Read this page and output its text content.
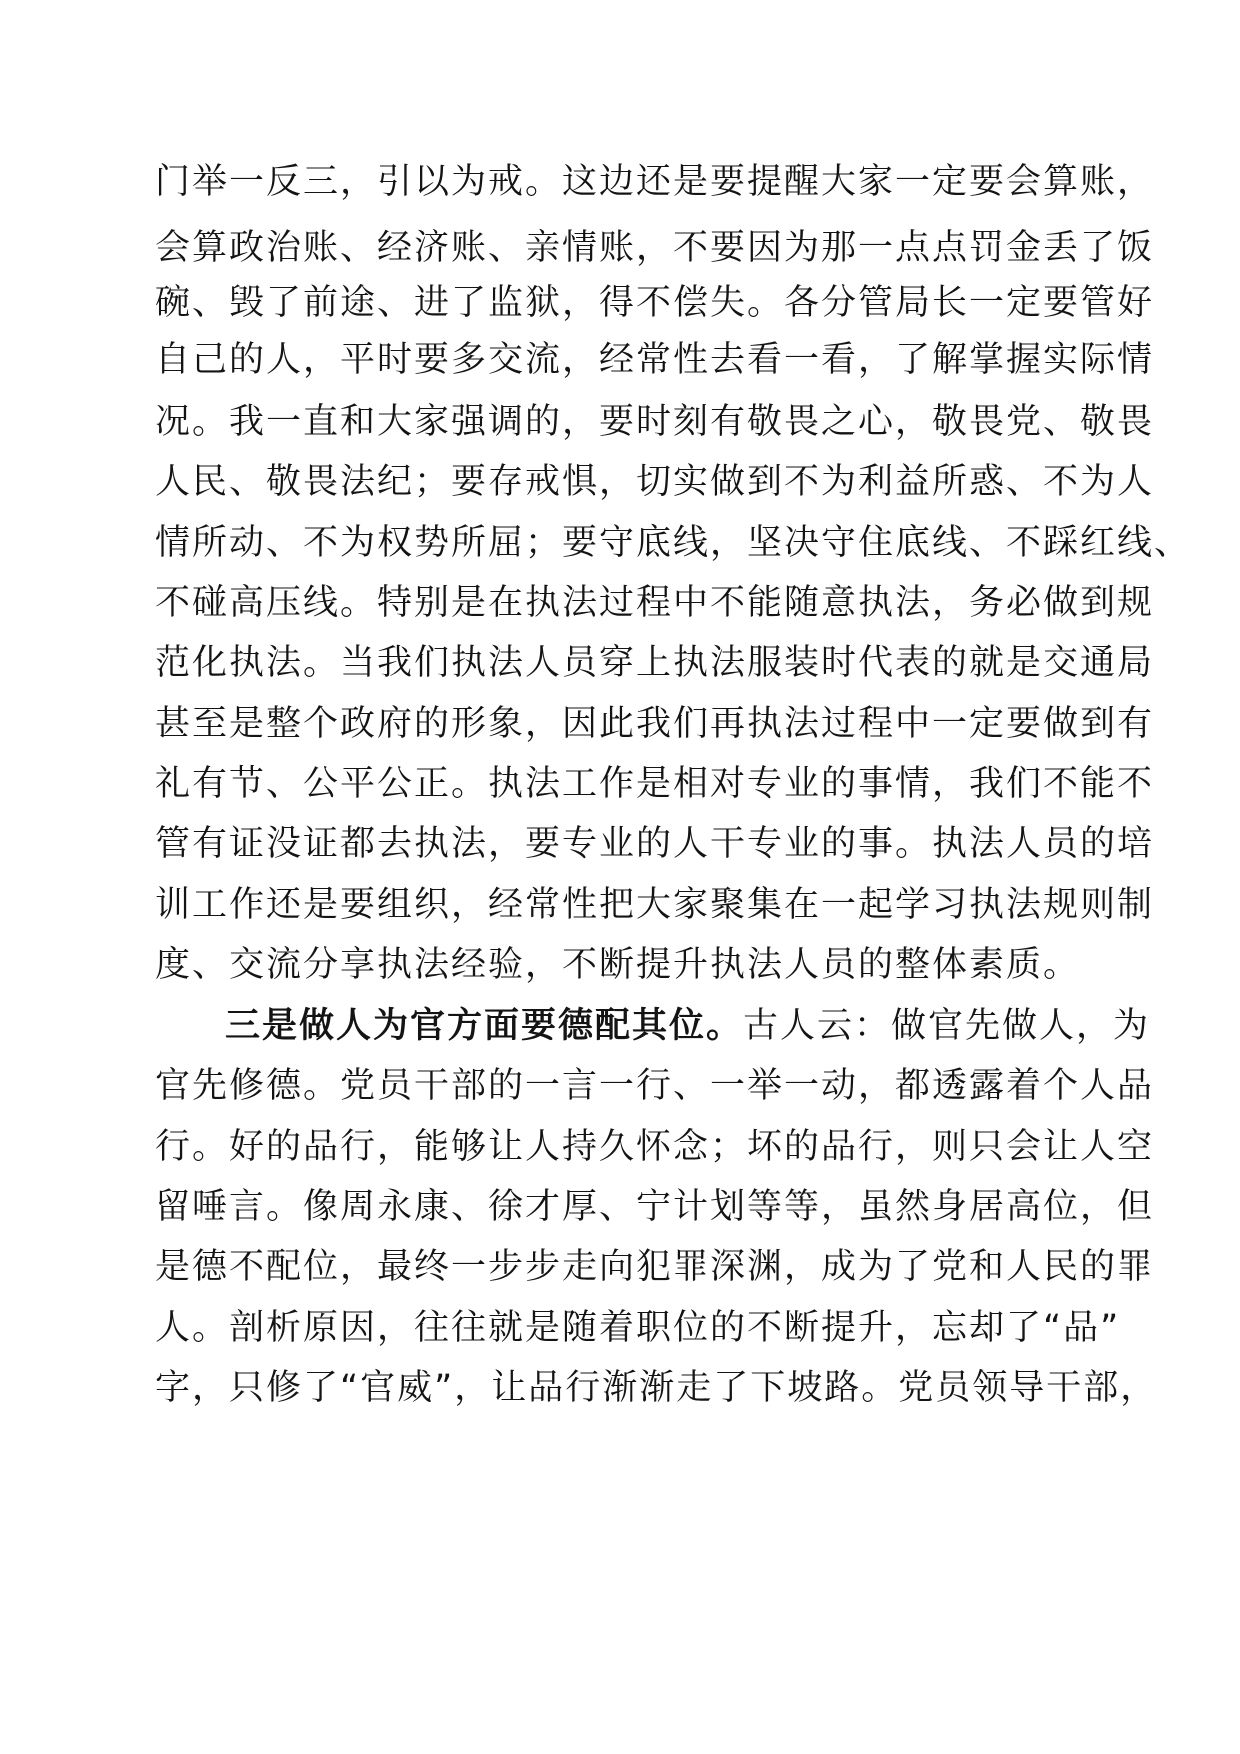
门举一反三，引以为戒。这边还是要提醒大家一定要会算账，
会算政治账、经济账、亲情账，不要因为那一点点罚金丢了饭
碗、毁了前途、进了监狱，得不偿失。各分管局长一定要管好
自己的人，平时要多交流，经常性去看一看，了解掌握实际情
况。我一直和大家强调的，要时刻有敬畏之心，敬畏党、敬畏
人民、敬畏法纪；要存戒惧，切实做到不为利益所惑、不为人
情所动、不为权势所屈；要守底线，坚决守住底线、不踩红线、
不碰高压线。特别是在执法过程中不能随意执法，务必做到规
范化执法。当我们执法人员穿上执法服装时代表的就是交通局
甚至是整个政府的形象，因此我们再执法过程中一定要做到有
礼有节、公平公正。执法工作是相对专业的事情，我们不能不
管有证没证都去执法，要专业的人干专业的事。执法人员的培
训工作还是要组织，经常性把大家聚集在一起学习执法规则制
度、交流分享执法经验，不断提升执法人员的整体素质。
三是做人为官方面要德配其位。古人云：做官先做人，为
官先修德。党员干部的一言一行、一举一动，都透露着个人品
行。好的品行，能够让人持久怀念；坏的品行，则只会让人空
留唾言。像周永康、徐才厚、宁计划等等，虽然身居高位，但
是德不配位，最终一步步走向犯罪深渊，成为了党和人民的罪
人。剖析原因，往往就是随着职位的不断提升，忘却了“品”
字，只修了“官威”，让品行渐渐走了下坡路。党员领导干部，
